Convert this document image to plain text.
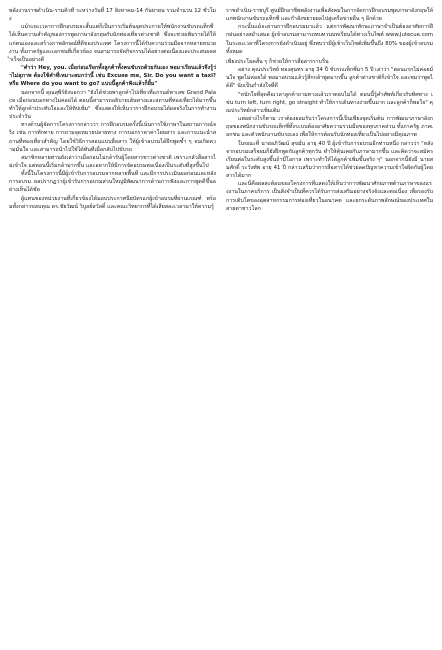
พลังงานราชดำเนิน-รามคิวที ระหว่างวันที่ 17 สิงหาคม-14 กันยายน รวมจำนวน 12 ชั่วโมง

แม้ระยะเวลาการฝึกอบรมจะสั้นแต่ก็เป็นการเริ่มต้นจุดประกายให้พนักงานขับรถแท็กซี่ได้เห็นความสำคัญของการพูดภาษาอังกฤษกับนักท่องเที่ยวต่างชาติ ซึ่งจะช่วยเพิ่มรายได้ให้แก่ตนเองและสร้างภาพลักษณ์ที่ดีของประเทศ โครงการนี้ได้รับความร่วมมือจากหลายหน่วยงาน ทั้งภาครัฐและเอกชนที่เกี่ยวข้อง จนสามารถจัดกิจกรรมได้อย่างต่อเนื่องและประสบผลสำเร็จเป็นอย่างดี

"คำว่า Hey, you. เมื่อก่อนเรียกทั้งลูกค้าทั้งคนขับรถด้วยกันเอง พอมาเรียนแล้วจึงรู้ว่าไม่สุภาพ ต้องใช้คำที่เหมาะสมกว่านี้ เช่น Excuse me, Sir. Do you want a taxi? หรือ Where do you want to go? แบบนี้ลูกค้าฟังแล้วก็ยิ้ม"

นอกจากนี้ คุณสุพีร์ยังบอกว่า "ยังได้ช่วยพาลูกค้าไปเที่ยวที่แกรนด์พาเลซ Grand Palace เมื่อก่อนบอกทางไม่ค่อยได้ ตอนนี้สามารถอธิบายเส้นทางและสถานที่ท่องเที่ยวได้มากขึ้น ทำให้ลูกค้าประทับใจและให้ทิปเพิ่ม" ซึ่งแสดงให้เห็นว่าการฝึกอบรมได้ผลจริงในการทำงานประจำวัน

ทางด้านผู้จัดการโครงการกล่าวว่า การฝึกอบรมครั้งนี้เน้นการใช้ภาษาในสถานการณ์จริง เช่น การทักทาย การถามจุดหมายปลายทาง การบอกราคาค่าโดยสาร และการแนะนำสถานที่ท่องเที่ยวสำคัญ โดยใช้วิธีการสอนแบบสื่อสาร ให้ผู้เข้าอบรมได้ฝึกพูดซ้ำ ๆ จนเกิดความมั่นใจ และสามารถนำไปใช้ได้ทันทีเมื่อกลับไปขับรถ

สมาชิกหลายท่านยังเล่าว่าเมื่อก่อนไม่กล้ารับผู้โดยสารชาวต่างชาติ เพราะกลัวสื่อสารไม่เข้าใจ แต่ตอนนี้เริ่มกล้ามากขึ้น และอยากให้มีการจัดอบรมต่อเนื่องเป็นระดับที่สูงขึ้นไป

ทั้งนี้ในโครงการนี้มีผู้เข้ารับการอบรมจากหลายพื้นที่ และมีการประเมินผลก่อนและหลังการอบรม ผลปรากฏว่าผู้เข้ารับการอบรมส่วนใหญ่มีพัฒนาการด้านการฟังและการพูดดีขึ้นอย่างเห็นได้ชัด

ผู้แทนของหน่วยงานที่เกี่ยวข้องได้มอบประกาศนียบัตรแก่ผู้เข้าอบรมที่ผ่านเกณฑ์ พร้อมทั้งกล่าวขอบคุณ ดร.ชัยวัฒน์ วิบูลย์สวัสดิ์ และคณะวิทยากรที่ได้เสียสละเวลามาให้ความรู้

ราชดำเนิน-ราชบูรี ศูนย์ฝึกอาชีพพลังงานเพื่อสังคมในการจัดการฝึกอบรมพูดภาษาอังกฤษให้แก่พนักงานขับรถแท็กซี่ และกำลังขยายผลไปสู่เครือข่ายอื่น ๆ อีกด้วย

กระนั้นแม้จะผ่านการฝึกอบรมมาแล้ว แต่การพัฒนาทักษะภาษาจำเป็นต้องอาศัยการฝึกฝนอย่างสม่ำเสมอ ผู้เข้าอบรมสามารถทบทวนบทเรียนได้ทางเว็บไซต์ www.Jutecue.com ในระยะเวลาที่โครงการยังดำเนินอยู่ ซึ่งพบว่ามีผู้เข้าเว็บไซต์เพิ่มขึ้นถึง 80% ของผู้เข้าอบรมทั้งหมด

เพียงประโยคสั้น ๆ ก็ช่วยให้การสื่อสารราบรื่น

อย่าง คุณประวิทย์ ทองสุนทร อายุ 34 ปี ขับรถแท็กซี่มา 5 ปี เล่าว่า "ตอนแรกไม่ค่อยมั่นใจ พูดไม่ค่อยได้ พอมาอบรมแล้วรู้สึกกล้าพูดมากขึ้น ลูกค้าต่างชาติก็เข้าใจ และชมว่าพูดได้ดี" นับเป็นกำลังใจที่ดี

"หนักใจที่สุดคือเวลาลูกค้าถามทางแล้วเราตอบไม่ได้ ตอนนี้รู้คำศัพท์เกี่ยวกับทิศทาง เช่น turn left, turn right, go straight ทำให้การเดินทางง่ายขึ้นมาก และลูกค้าก็พอใจ" คุณประวิทย์กล่าวเพิ่มเติม

แต่อย่างไรก็ตาม เราต้องยอมรับว่าโครงการนี้เป็นเพียงจุดเริ่มต้น การพัฒนาภาษาอังกฤษของพนักงานขับรถแท็กซี่ทั้งระบบต้องอาศัยความร่วมมือของทุกภาคส่วน ทั้งภาครัฐ ภาคเอกชน และตัวพนักงานขับรถเอง เพื่อให้การต้อนรับนักท่องเที่ยวเป็นไปอย่างมีคุณภาพ

ในขณะที่ นายอภิวัฒน์ สุขมั่น อายุ 40 ปี ผู้เข้ารับการอบรมอีกท่านหนึ่ง กล่าวว่า "หลังจากอบรมเสร็จผมก็ยังฝึกพูดกับลูกค้าทุกวัน ทำให้คุ้นเคยกับภาษามากขึ้น และคิดว่าจะสมัครเรียนต่อในระดับสูงขึ้นถ้ามีโอกาส เพราะทำให้ได้ลูกค้าเพิ่มขึ้นจริง ๆ" นอกจากนี้ยังมี นายสมศักดิ์ ระวังทัพ อายุ 41 ปี กล่าวเสริมว่าการสื่อสารได้ช่วยลดปัญหาความเข้าใจผิดกับผู้โดยสารได้มาก

และนี่คือผลสะท้อนของโครงการที่แสดงให้เห็นว่าการพัฒนาศักยภาพด้านภาษาของแรงงานในภาคบริการ เป็นสิ่งจำเป็นที่ควรได้รับการส่งเสริมอย่างจริงจังและต่อเนื่อง เพื่อรองรับการเติบโตของอุตสาหกรรมการท่องเที่ยวในอนาคต และยกระดับภาพลักษณ์ของประเทศในสายตาชาวโลก
